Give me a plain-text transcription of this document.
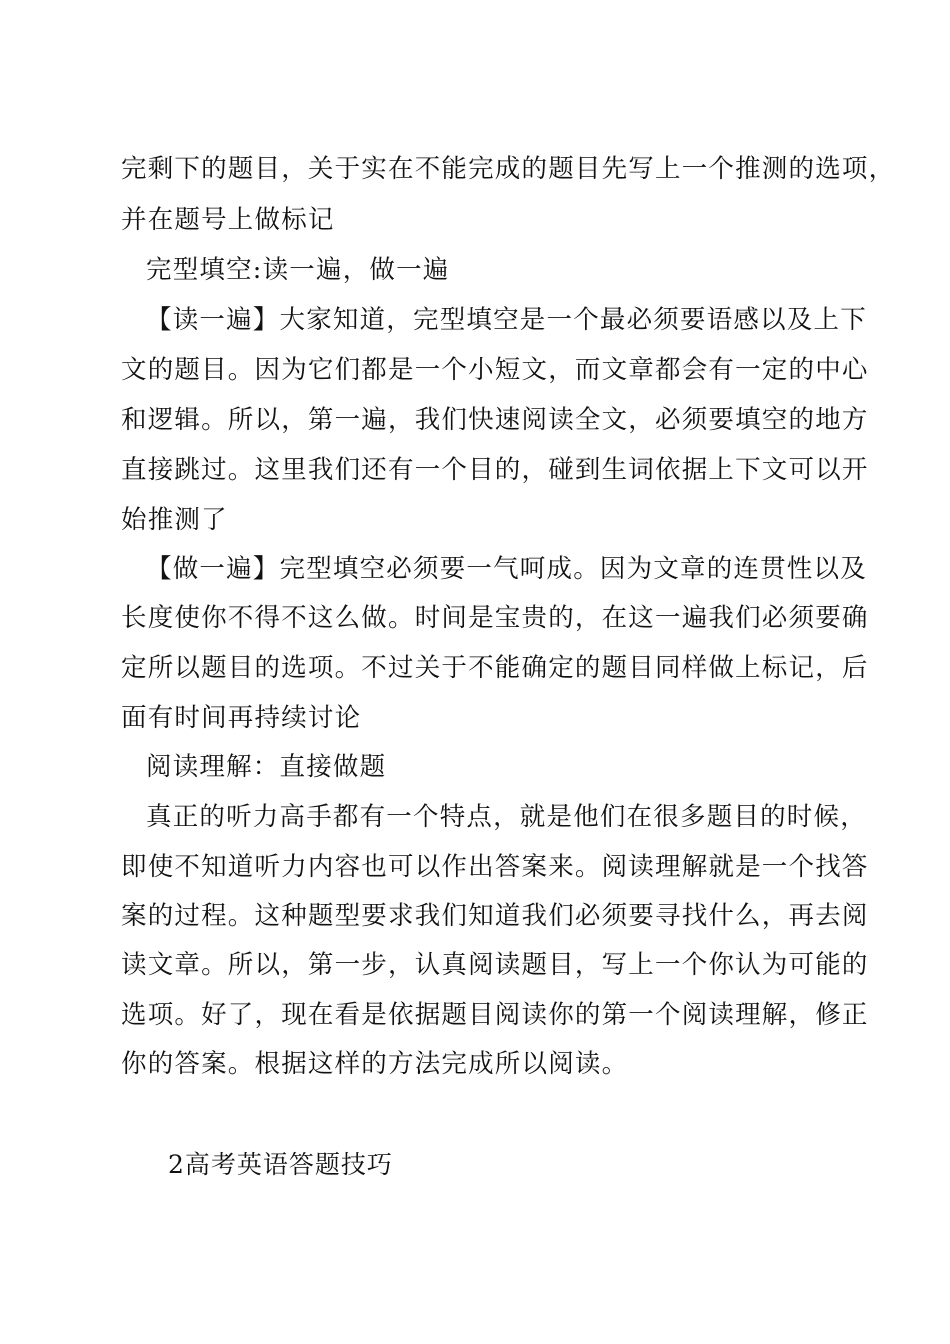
完剩下的题目，关于实在不能完成的题目先写上一个推测的选项，
并在题号上做标记
完型填空:读一遍，做一遍
【读一遍】大家知道，完型填空是一个最必须要语感以及上下
文的题目。因为它们都是一个小短文，而文章都会有一定的中心
和逻辑。所以，第一遍，我们快速阅读全文，必须要填空的地方
直接跳过。这里我们还有一个目的，碰到生词依据上下文可以开
始推测了
【做一遍】完型填空必须要一气呵成。因为文章的连贯性以及
长度使你不得不这么做。时间是宝贵的，在这一遍我们必须要确
定所以题目的选项。不过关于不能确定的题目同样做上标记，后
面有时间再持续讨论
阅读理解：直接做题
真正的听力高手都有一个特点，就是他们在很多题目的时候，
即使不知道听力内容也可以作出答案来。阅读理解就是一个找答
案的过程。这种题型要求我们知道我们必须要寻找什么，再去阅
读文章。所以，第一步，认真阅读题目，写上一个你认为可能的
选项。好了，现在看是依据题目阅读你的第一个阅读理解，修正
你的答案。根据这样的方法完成所以阅读。
2高考英语答题技巧
